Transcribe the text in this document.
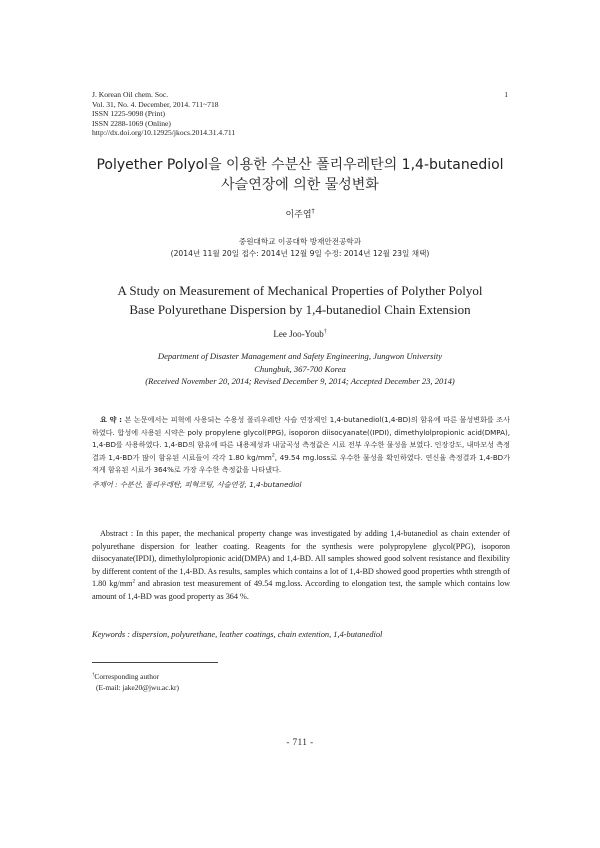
J. Korean Oil chem. Soc.
Vol. 31, No. 4. December, 2014. 711~718
ISSN 1225-9098 (Print)
ISSN 2288-1069 (Online)
http://dx.doi.org/10.12925/jkocs.2014.31.4.711
1
Polyether Polyol을 이용한 수분산 폴리우레탄의 1,4-butanediol
사슬연장에 의한 물성변화
이주엽†
중원대학교 이공대학 방재안전공학과
(2014년 11월 20일 접수: 2014년 12월 9일 수정: 2014년 12월 23일 채택)
A Study on Measurement of Mechanical Properties of Polyther Polyol
Base Polyurethane Dispersion by 1,4-butanediol Chain Extension
Lee Joo-Youb†
Department of Disaster Management and Safety Engineering, Jungwon University
Chungbuk, 367-700 Korea
(Received November 20, 2014; Revised December 9, 2014; Accepted December 23, 2014)
요 약 : 본 논문에서는 피혁에 사용되는 수용성 폴리우레탄 사슬 연장제인 1,4-butanediol(1,4-BD)의 함유에 따른 물성변화를 조사하였다. 합성에 사용된 시약은 poly propylene glycol(PPG), isoporon diisocyanate((IPDI), dimethylolpropionic acid(DMPA), 1,4-BD를 사용하였다. 1,4-BD의 함유에 따른 내용제성과 내굴곡성 측정값은 시료 전부 우수한 물성을 보였다. 인장강도, 내마모성 측정결과 1,4-BD가 많이 함유된 시료들이 각각 1.80 $kg/mm^2$, 49.54 mg.loss로 우수한 물성을 확인하였다. 연신율 측정결과 1,4-BD가 적게 함유된 시료가 364%로 가장 우수한 측정값을 나타냈다.
주제어 : 수분산, 폴리우레탄, 피혁코팅, 사슬연장, 1,4-butanediol
Abstract : In this paper, the mechanical property change was investigated by adding 1,4-butanediol as chain extender of polyurethane dispersion for leather coating. Reagents for the synthesis were polypropylene glycol(PPG), isoporon diisocyanate(IPDI), dimethylolpropionic acid(DMPA) and 1,4-BD. All samples showed good solvent resistance and flexibility by different content of the 1,4-BD. As results, samples which contains a lot of 1,4-BD showed good properties whth strength of 1.80 $kg/mm^2$ and abrasion test measurement of 49.54 mg.loss. According to elongation test, the sample which contains low amount of 1,4-BD was good property as 364 %.
Keywords : dispersion, polyurethane, leather coatings, chain extention, 1,4-butanediol
†Corresponding author
(E-mail: jake20@jwu.ac.kr)
- 711 -
